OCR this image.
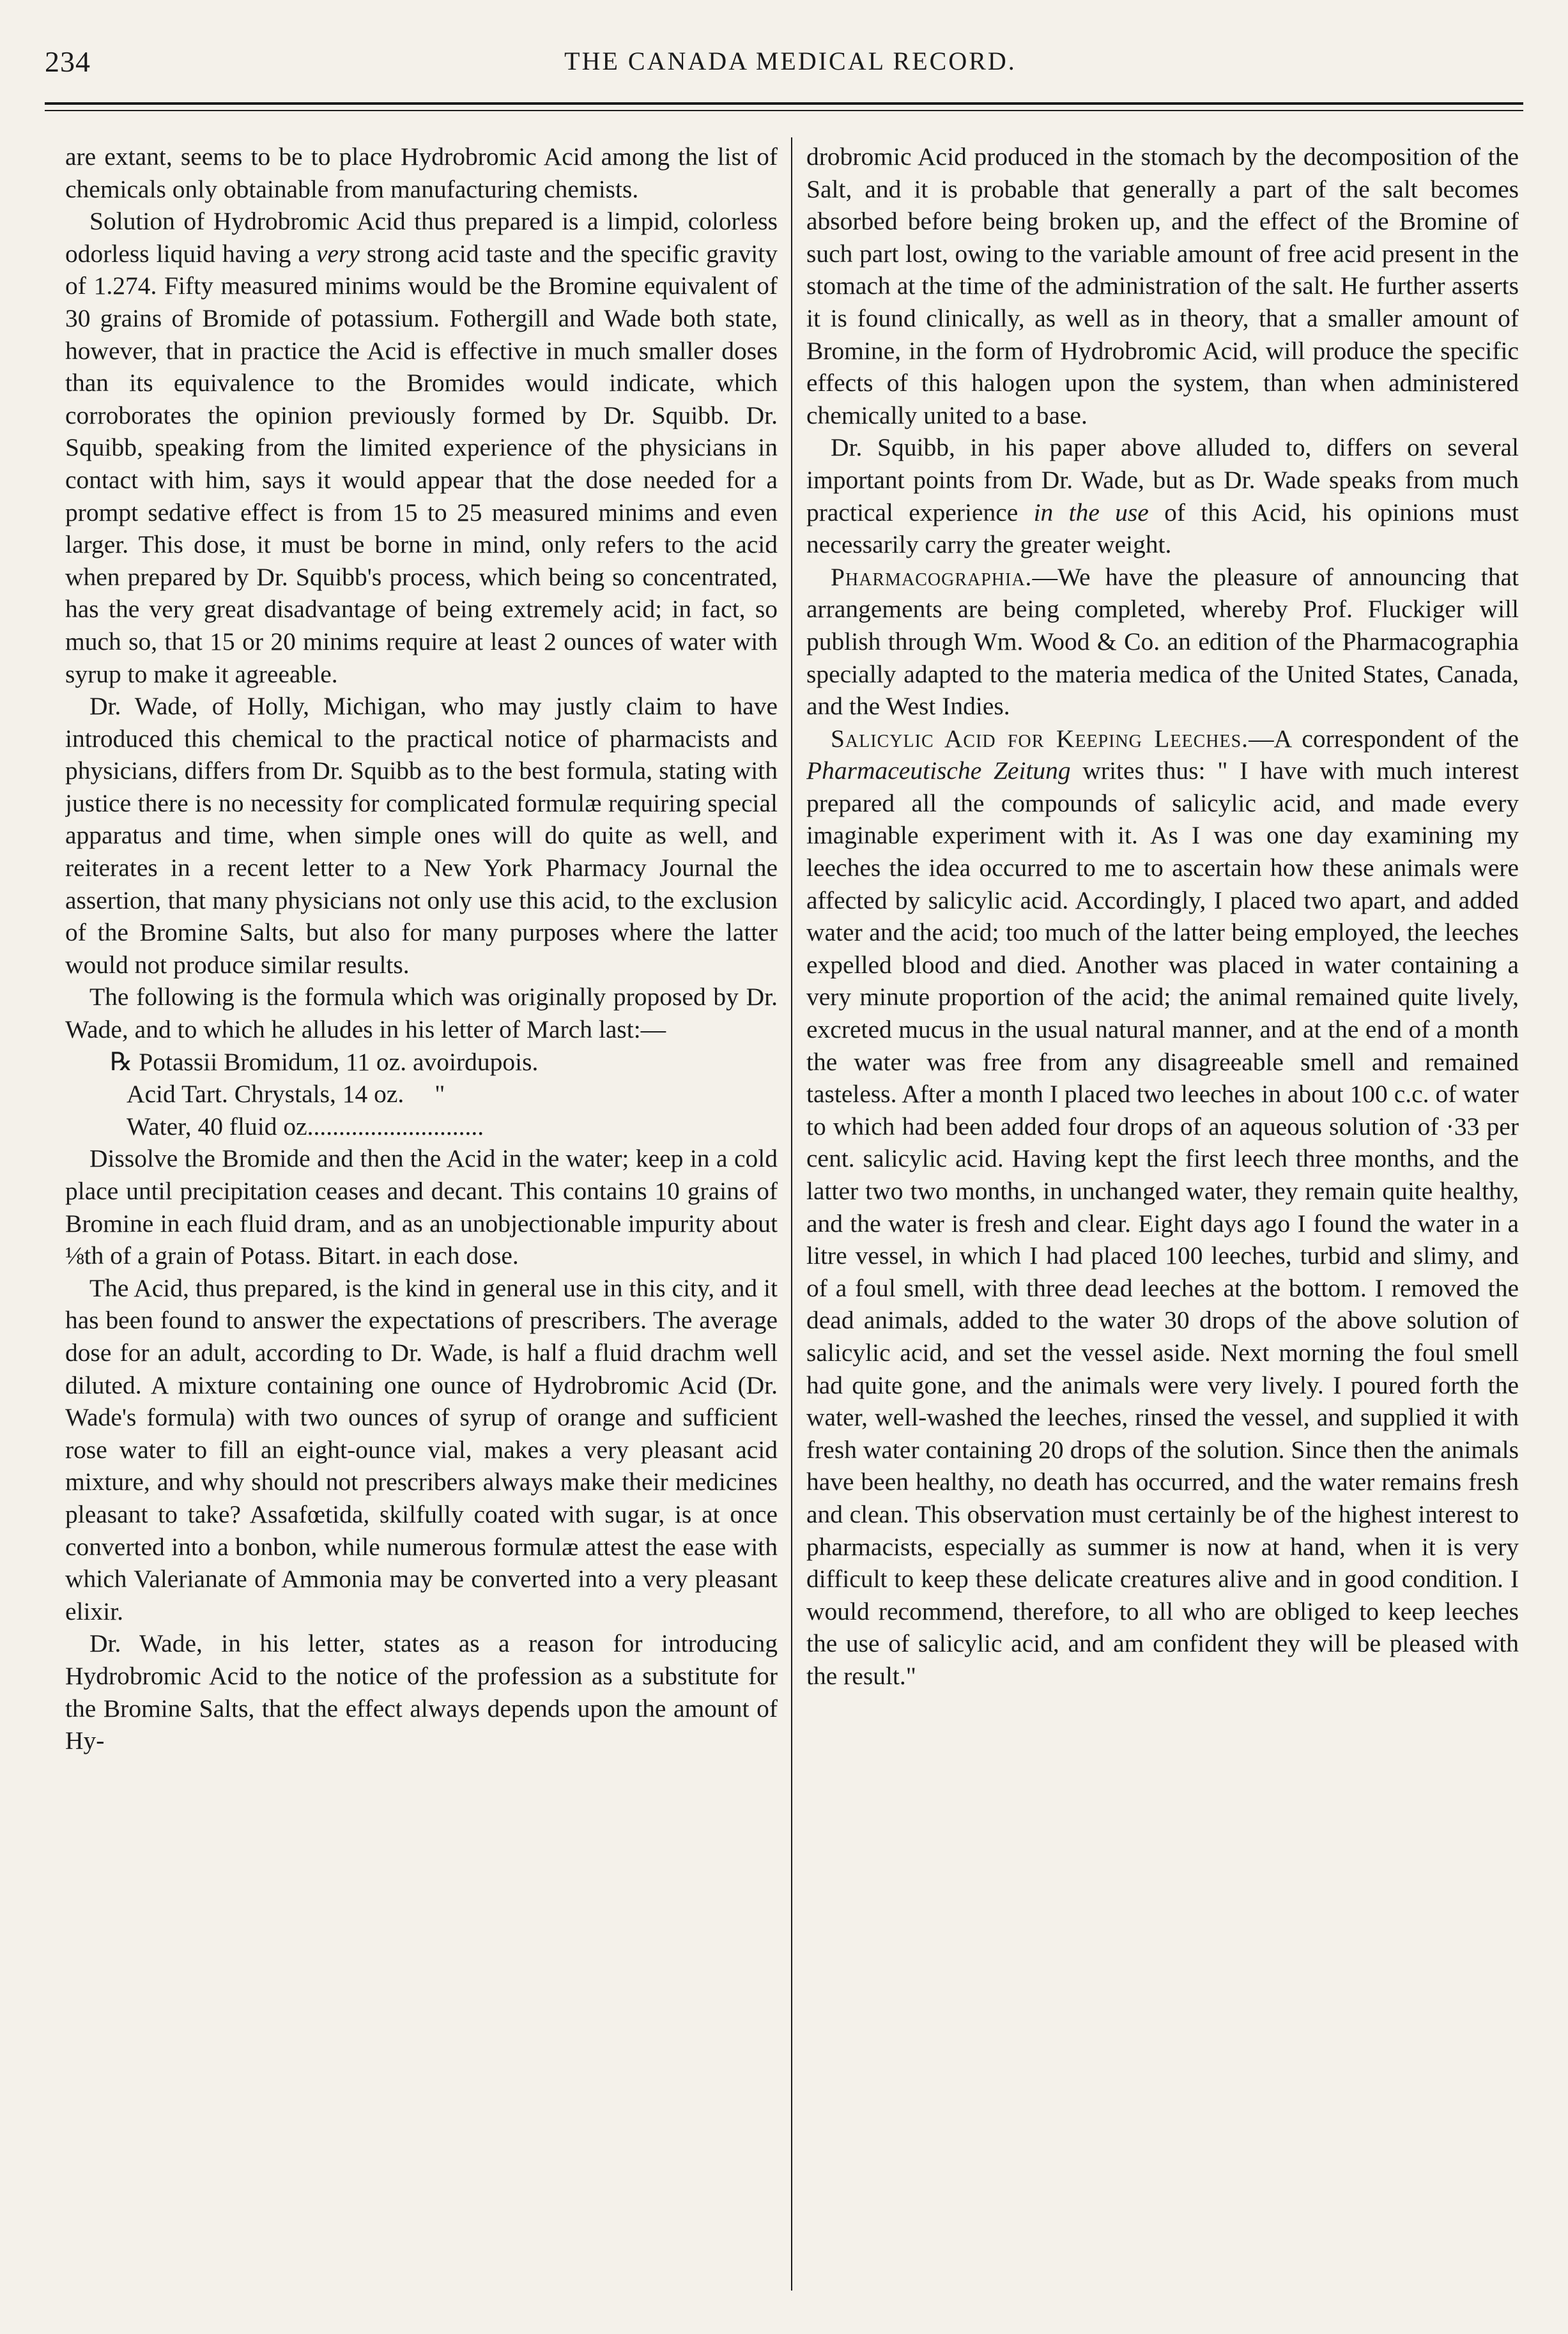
234	THE CANADA MEDICAL RECORD.

are extant, seems to be to place Hydrobromic Acid among the list of chemicals only obtainable from manufacturing chemists.

Solution of Hydrobromic Acid thus prepared is a limpid, colorless odorless liquid having a very strong acid taste and the specific gravity of 1.274. Fifty measured minims would be the Bromine equivalent of 30 grains of Bromide of potassium. Fothergill and Wade both state, however, that in practice the Acid is effective in much smaller doses than its equivalence to the Bromides would indicate, which corroborates the opinion previously formed by Dr. Squibb. Dr. Squibb, speaking from the limited experience of the physicians in contact with him, says it would appear that the dose needed for a prompt sedative effect is from 15 to 25 measured minims and even larger. This dose, it must be borne in mind, only refers to the acid when prepared by Dr. Squibb's process, which being so concentrated, has the very great disadvantage of being extremely acid; in fact, so much so, that 15 or 20 minims require at least 2 ounces of water with syrup to make it agreeable.

Dr. Wade, of Holly, Michigan, who may justly claim to have introduced this chemical to the practical notice of pharmacists and physicians, differs from Dr. Squibb as to the best formula, stating with justice there is no necessity for complicated formulæ requiring special apparatus and time, when simple ones will do quite as well, and reiterates in a recent letter to a New York Pharmacy Journal the assertion, that many physicians not only use this acid, to the exclusion of the Bromine Salts, but also for many purposes where the latter would not produce similar results.

The following is the formula which was originally proposed by Dr. Wade, and to which he alludes in his letter of March last:—

℞ Potassii Bromidum, 11 oz. avoirdupois.

Acid Tart. Chrystals, 14 oz. "

Water, 40 fluid oz............................

Dissolve the Bromide and then the Acid in the water; keep in a cold place until precipitation ceases and decant. This contains 10 grains of Bromine in each fluid dram, and as an unobjectionable impurity about ⅛th of a grain of Potass. Bitart. in each dose.

The Acid, thus prepared, is the kind in general use in this city, and it has been found to answer the expectations of prescribers. The average dose for an adult, according to Dr. Wade, is half a fluid drachm well diluted. A mixture containing one ounce of Hydrobromic Acid (Dr. Wade's formula) with two ounces of syrup of orange and sufficient rose water to fill an eight-ounce vial, makes a very pleasant acid mixture, and why should not prescribers always make their medicines pleasant to take? Assafœtida, skilfully coated with sugar, is at once converted into a bonbon, while numerous formulæ attest the ease with which Valerianate of Ammonia may be converted into a very pleasant elixir.

Dr. Wade, in his letter, states as a reason for introducing Hydrobromic Acid to the notice of the profession as a substitute for the Bromine Salts, that the effect always depends upon the amount of Hy-

drobromic Acid produced in the stomach by the decomposition of the Salt, and it is probable that generally a part of the salt becomes absorbed before being broken up, and the effect of the Bromine of such part lost, owing to the variable amount of free acid present in the stomach at the time of the administration of the salt. He further asserts it is found clinically, as well as in theory, that a smaller amount of Bromine, in the form of Hydrobromic Acid, will produce the specific effects of this halogen upon the system, than when administered chemically united to a base.

Dr. Squibb, in his paper above alluded to, differs on several important points from Dr. Wade, but as Dr. Wade speaks from much practical experience in the use of this Acid, his opinions must necessarily carry the greater weight.

Pharmacographia.—We have the pleasure of announcing that arrangements are being completed, whereby Prof. Fluckiger will publish through Wm. Wood & Co. an edition of the Pharmacographia specially adapted to the materia medica of the United States, Canada, and the West Indies.

Salicylic Acid for Keeping Leeches.—A correspondent of the Pharmaceutische Zeitung writes thus: " I have with much interest prepared all the compounds of salicylic acid, and made every imaginable experiment with it. As I was one day examining my leeches the idea occurred to me to ascertain how these animals were affected by salicylic acid. Accordingly, I placed two apart, and added water and the acid; too much of the latter being employed, the leeches expelled blood and died. Another was placed in water containing a very minute proportion of the acid; the animal remained quite lively, excreted mucus in the usual natural manner, and at the end of a month the water was free from any disagreeable smell and remained tasteless. After a month I placed two leeches in about 100 c.c. of water to which had been added four drops of an aqueous solution of ·33 per cent. salicylic acid. Having kept the first leech three months, and the latter two two months, in unchanged water, they remain quite healthy, and the water is fresh and clear. Eight days ago I found the water in a litre vessel, in which I had placed 100 leeches, turbid and slimy, and of a foul smell, with three dead leeches at the bottom. I removed the dead animals, added to the water 30 drops of the above solution of salicylic acid, and set the vessel aside. Next morning the foul smell had quite gone, and the animals were very lively. I poured forth the water, well-washed the leeches, rinsed the vessel, and supplied it with fresh water containing 20 drops of the solution. Since then the animals have been healthy, no death has occurred, and the water remains fresh and clean. This observation must certainly be of the highest interest to pharmacists, especially as summer is now at hand, when it is very difficult to keep these delicate creatures alive and in good condition. I would recommend, therefore, to all who are obliged to keep leeches the use of salicylic acid, and am confident they will be pleased with the result."
